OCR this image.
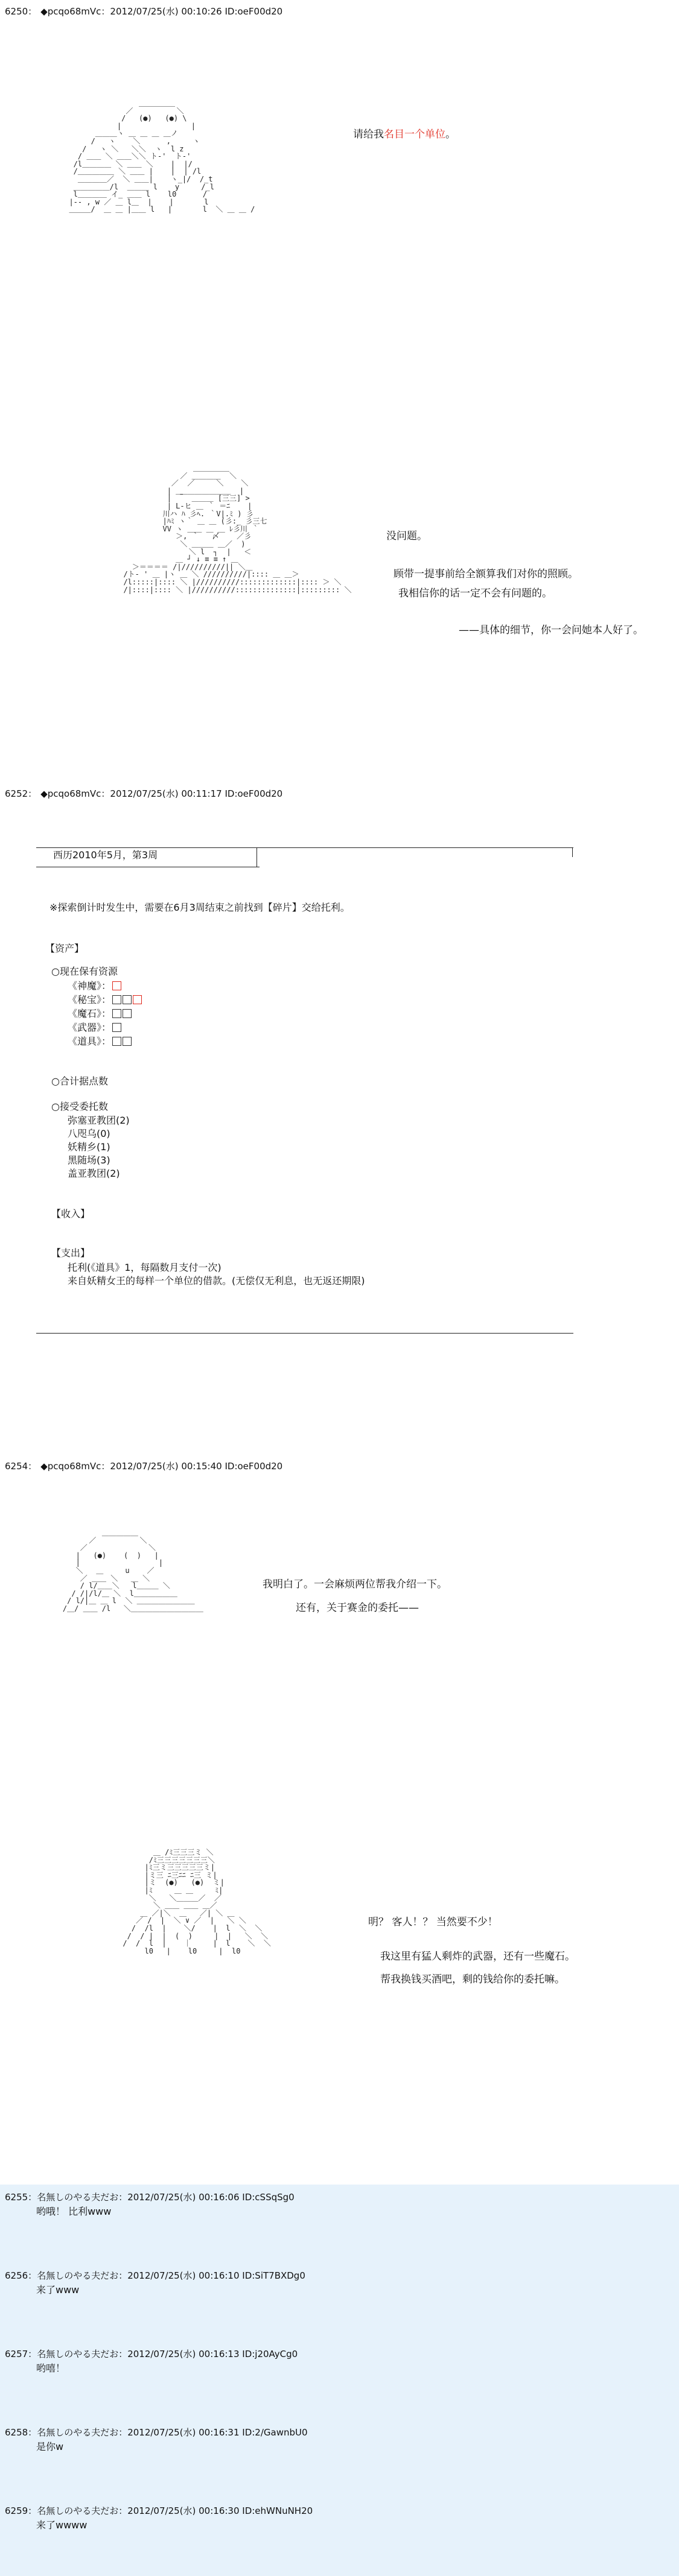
6250： ◆pcqo68mVc：2012/07/25(水) 00:10:26 ID:oeF00d20
＿＿＿＿＿
／          ＼
/   (●)   (●) \
|                |
＿＿＿ヽ ＿ ＿ ＿ ＿ノ
/   ヽ    ＼      ,     ヽ
/   ヽ ＼   ＼＼  ヽ  l z
/ ＿＿ ＼ ＿＿＼＼ ト-'  ト-'
/l＿＿＿＿ ＼ ＿＿ ＼    |  |/
/＿＿＿＿＿ ＼ ＿＿ |    |  | /l
＿＿＿＿／  ＼ ＿＿|    ヽ_|/  /_t
＿＿＿＿＿/l  ＿＿＿ l    y     /_l
l＿＿＿＿ イ_ ＿＿ l    l0      /
|-- , w ／ ＿ l＿  |    |       l
＿＿＿/  ＿ ＿ |＿＿ l   |       l  ＼ ＿ ＿ /

请给我名目一个单位。
＿＿＿＿＿
／ ＿＿＿＿  ＼
／  ／     ＼    ＼
|  ＿＿＿＿＿＿＿  |
| ￣  ＿＿＿ [三三] >
| L-ヒ ＿ ｀ ＝ﾆ    |
川ハ ﾊ 彡ﾍ. ｀V|.ﾐ ) 彡
|ﾊﾐ ヽ｀ ＿ ＿ (彡:_ 彡三七
VV ヽ ＿＿ ＿ ＿ ﾚ彡川 ｀
＞, ｀   〆    ／彡
＼ ＿＿＿ ＿／  )
＼ l  ┐  |   ＜
＿ ┘ ↓ ≡ ≡ ↑ ＿
＞＝＝＝＝ /|//////////|| ＼＿
/ト- ' ＿ |ヽ ＿ ＼ //////////|:::: ＿ ＿＞
/l:::::|:::: ＼ |//////////:::::::::::::|:::: ＞ ＼
/|::::|:::: ＼ |//////////::::::::::::::|::::::::: ＼

没问题。
顾带一提事前给全额算我们对你的照顾。
我相信你的话一定不会有问题的。
——具体的细节，你一会问她本人好了。
6252： ◆pcqo68mVc：2012/07/25(水) 00:11:17 ID:oeF00d20
西历2010年5月，第3周
※探索倒计时发生中，需要在6月3周结束之前找到【碎片】交给托利。
【资产】
○现在保有资源
《神魔》：
《秘宝》：
《魔石》：
《武器》：
《道具》：
○合计据点数
○接受委托数
弥塞亚教团(2)
八咫乌(0)
妖精乡(1)
黑随场(3)
盖亚教团(2)
【收入】
【支出】
托利(《道具》1，每隔数月支付一次)
来自妖精女王的每样一个单位的借款。(无偿仅无利息，也无返还期限)
6254： ◆pcqo68mVc：2012/07/25(水) 00:15:40 ID:oeF00d20
＿＿＿＿＿
／          ＼
／              ＼
|   (●)    (  )   |
|                  |
＼   ＿     u    ／
／ ＿＿ ＼   ＿ ＼
/ l/＿＿＼   l＿＿＿ ＼
/ /|/l/＿ ＼  l＿＿＿＿＿＿
/ l/|＿ ＿ l  ＼ ＿＿＿＿＿＿＿＿
/＿/ ＿＿ /l   ＼＿＿＿＿＿＿＿＿＿＿

我明白了。一会麻烦两位帮我介绍一下。
还有，关于赛金的委托——
＿ /ﾐ三三三ミ ＼
/ﾐ三三三三三三三＼
|ﾐ三ミ三三三三三ミ|
|ミ三 ﾆ三ﾆﾆ ﾆ三 ミ|
|ミ  (●)   (●)  ミ|
|ﾐ     ＿ ＿     ﾐ|
＼   ＼＿＿＿／  ／
＼ ＿＿ ＿＿ ＿／
＿ ／|＼  ＿   ／| ＼ ＿
／ /  |  ＼ ∨ ／  |   ＼ ＼
/  /l  |    ＼/    |  l  ＼  ＼
/  / |  |  (  )     |  |   ＼  ＼
/  /  l  |    ｜     |  l    ＼  ＼
l0   |    l0     |  l0

明？ 客人！？ 当然要不少！
我这里有猛人剩炸的武器，还有一些魔石。
帮我换钱买酒吧，剩的钱给你的委托嘛。
6255：名無しのやる夫だお：2012/07/25(水) 00:16:06 ID:cSSqSg0
哟哦！ 比利www
6256：名無しのやる夫だお：2012/07/25(水) 00:16:10 ID:SiT7BXDg0
来了www
6257：名無しのやる夫だお：2012/07/25(水) 00:16:13 ID:j20AyCg0
哟嘻！
6258：名無しのやる夫だお：2012/07/25(水) 00:16:31 ID:2/GawnbU0
是你w
6259：名無しのやる夫だお：2012/07/25(水) 00:16:30 ID:ehWNuNH20
来了wwww
